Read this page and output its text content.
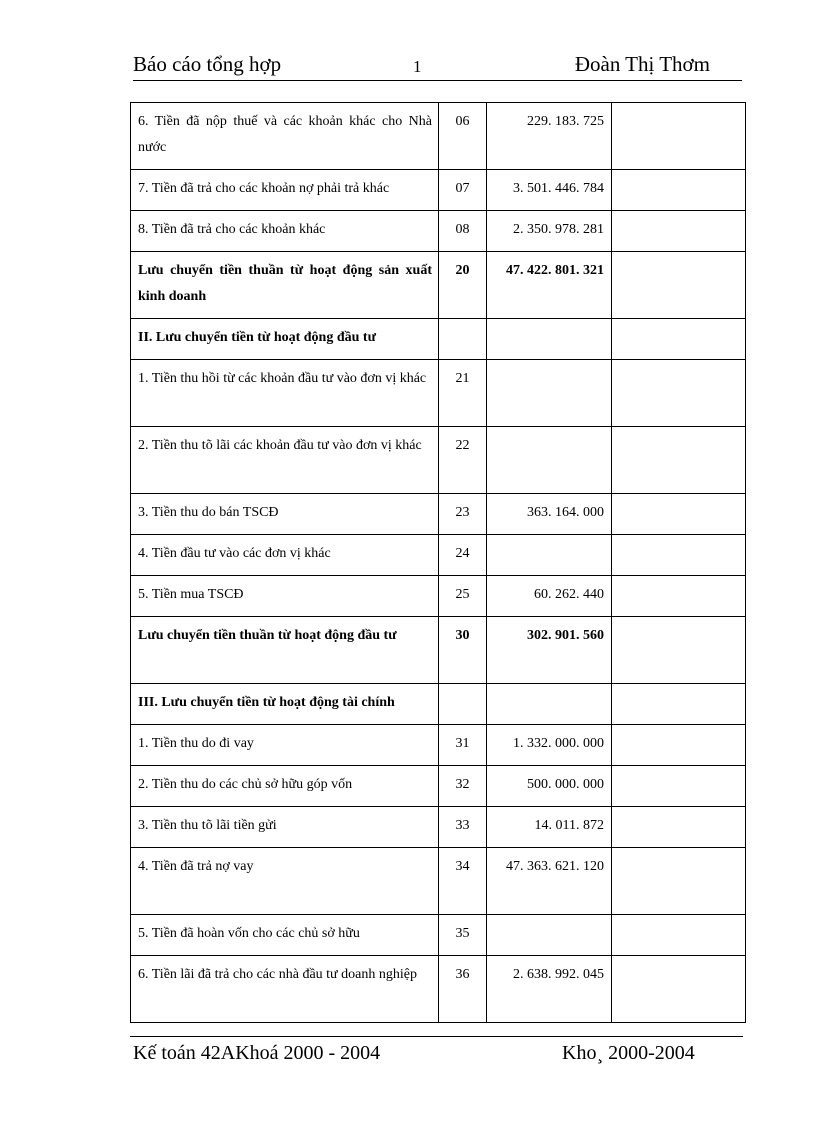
Báo cáo tổng hợp	1	Đoàn Thị Thơm
6. Tiền đã nộp thuế và các khoản khác cho Nhà nước	06	229. 183. 725	
7. Tiền đã trả cho các khoản nợ phải trả khác	07	3. 501. 446. 784	
8. Tiền đã trả cho các khoản khác	08	2. 350. 978. 281	
Lưu chuyển tiền thuần từ hoạt động sản xuất kinh doanh	20	47. 422. 801. 321	
II. Lưu chuyển tiền từ hoạt động đầu tư			
1. Tiền thu hồi từ các khoản đầu tư vào đơn vị khác	21		
2. Tiền thu tõ lãi các khoản đầu tư vào đơn vị khác	22		
3. Tiền thu do bán TSCĐ	23	363. 164. 000	
4. Tiền đầu tư vào các đơn vị khác	24		
5. Tiền mua TSCĐ	25	60. 262. 440	
Lưu chuyển tiền thuần từ hoạt động đầu tư	30	302. 901. 560	
III. Lưu chuyển tiền từ hoạt động tài chính			
1. Tiền thu do đi vay	31	1. 332. 000. 000	
2. Tiền thu do các chủ sở hữu góp vốn	32	500. 000. 000	
3. Tiền thu tõ lãi tiền gửi	33	14. 011. 872	
4. Tiền đã trả nợ vay	34	47. 363. 621. 120	
5. Tiền đã hoàn vốn cho các chủ sở hữu	35		
6. Tiền lãi đã trả cho các nhà đầu tư doanh nghiệp	36	2. 638. 992. 045	
Kế toán 42AKhoá 2000 - 2004	Kho¸ 2000-2004
